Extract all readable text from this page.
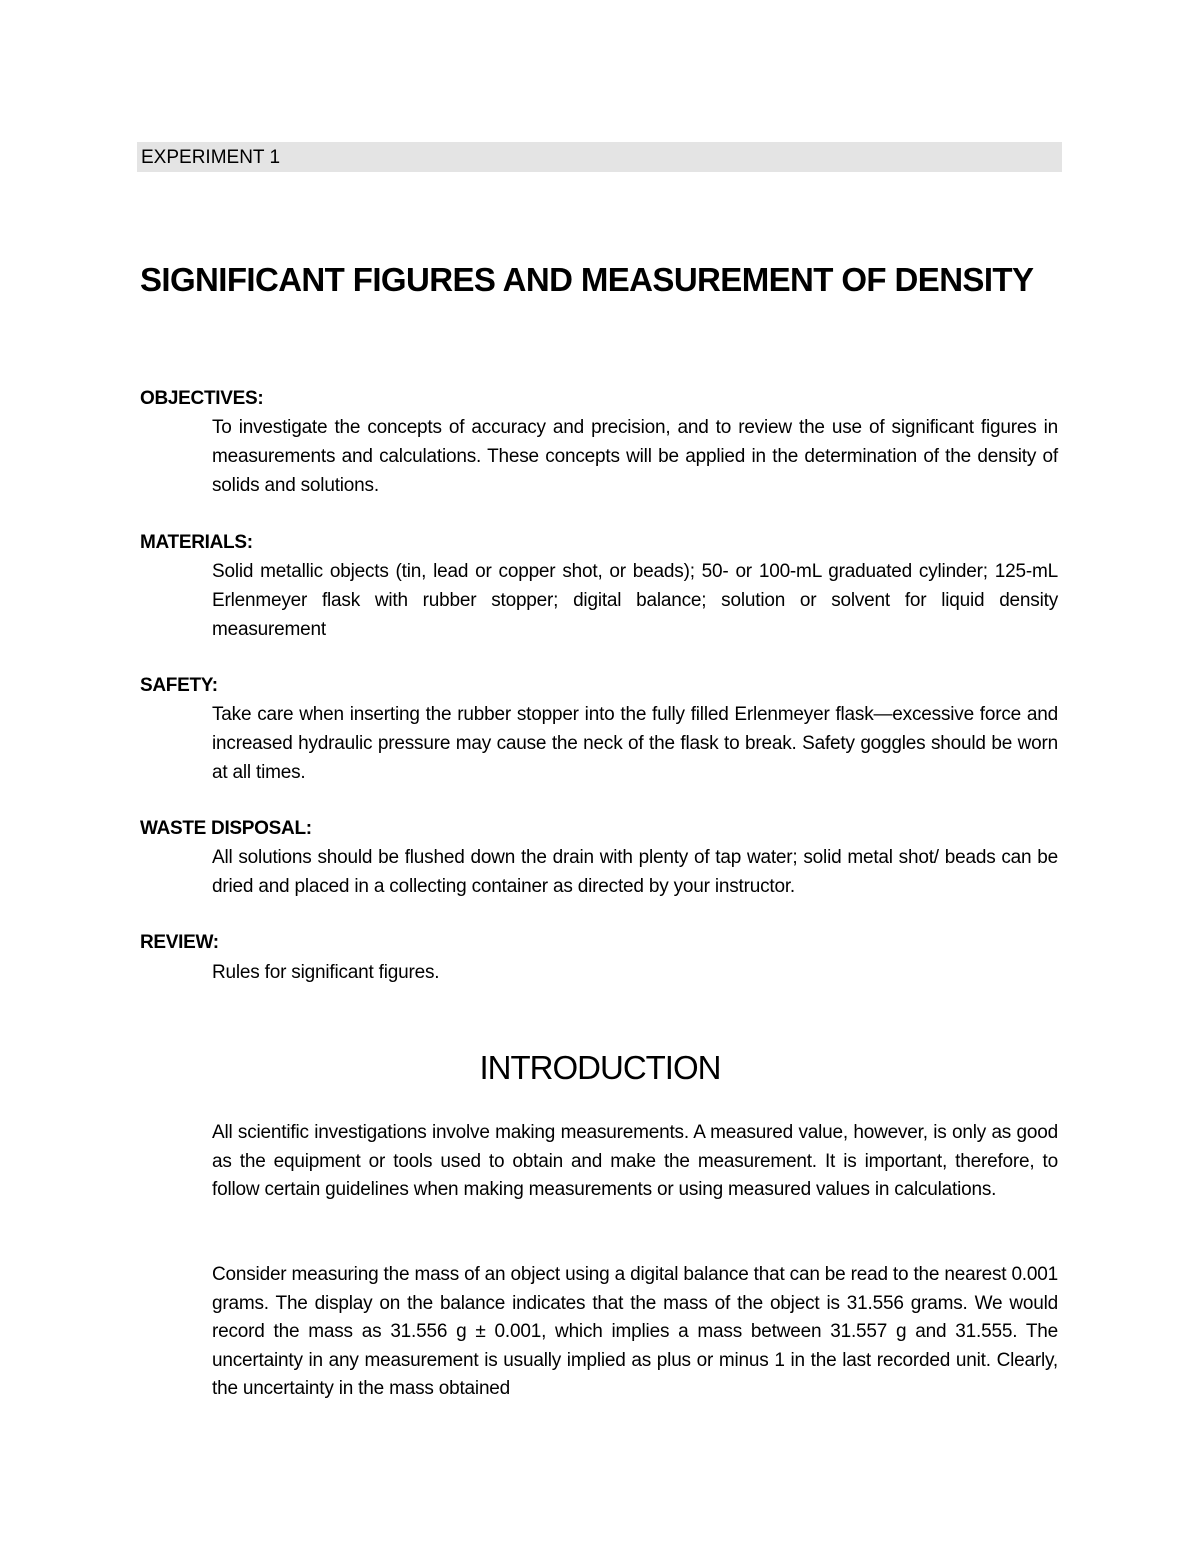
EXPERIMENT 1
SIGNIFICANT FIGURES AND MEASUREMENT OF DENSITY
OBJECTIVES:
To investigate the concepts of accuracy and precision, and to review the use of significant figures in measurements and calculations. These concepts will be applied in the determination of the density of solids and solutions.
MATERIALS:
Solid metallic objects (tin, lead or copper shot, or beads); 50- or 100-mL graduated cylinder; 125-mL Erlenmeyer flask with rubber stopper; digital balance; solution or solvent for liquid density measurement
SAFETY:
Take care when inserting the rubber stopper into the fully filled Erlenmeyer flask—excessive force and increased hydraulic pressure may cause the neck of the flask to break. Safety goggles should be worn at all times.
WASTE DISPOSAL:
All solutions should be flushed down the drain with plenty of tap water; solid metal shot/ beads can be dried and placed in a collecting container as directed by your instructor.
REVIEW:
Rules for significant figures.
INTRODUCTION
All scientific investigations involve making measurements. A measured value, however, is only as good as the equipment or tools used to obtain and make the measurement. It is important, therefore, to follow certain guidelines when making measurements or using measured values in calculations.
Consider measuring the mass of an object using a digital balance that can be read to the nearest 0.001 grams. The display on the balance indicates that the mass of the object is 31.556 grams. We would record the mass as 31.556 g ± 0.001, which implies a mass between 31.557 g and 31.555. The uncertainty in any measurement is usually implied as plus or minus 1 in the last recorded unit. Clearly, the uncertainty in the mass obtained
